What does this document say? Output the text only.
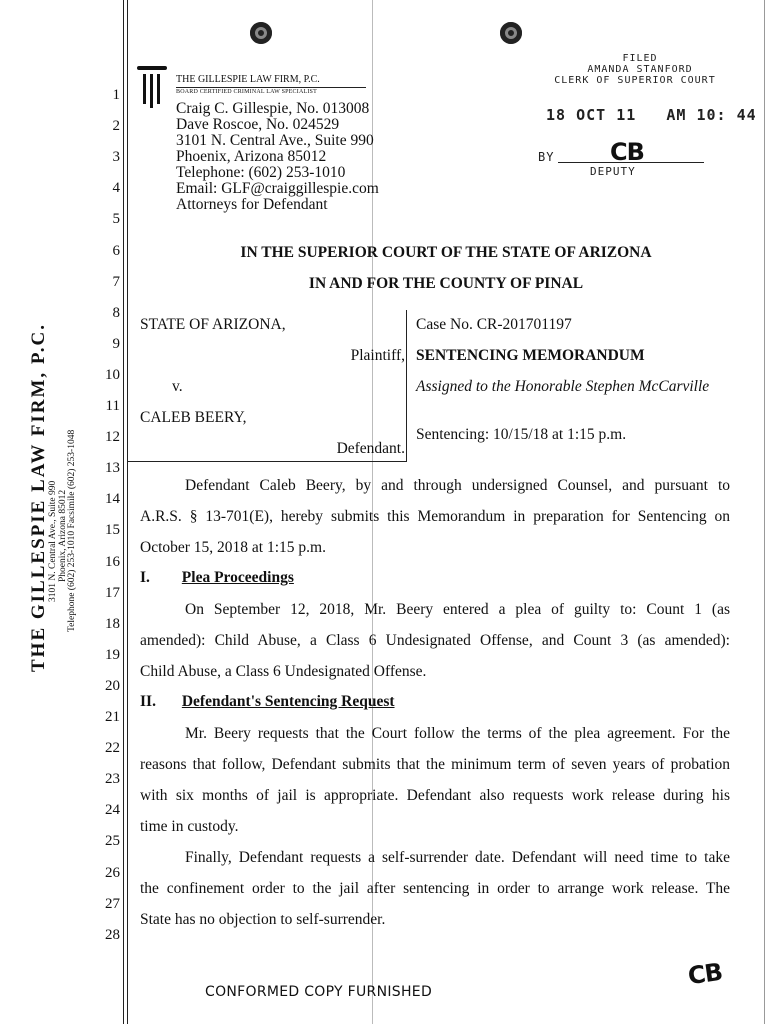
THE GILLESPIE LAW FIRM, P.C. 3101 N. Central Ave., Suite 990 Phoenix, Arizona 85012 Telephone (602) 253-1010 Facsimile (602) 253-1048
1
2
3
4
5
6
7
8
9
10
11
12
13
14
15
16
17
18
19
20
21
22
23
24
25
26
27
28
THE GILLESPIE LAW FIRM, P.C.
BOARD CERTIFIED CRIMINAL LAW SPECIALIST
Craig C. Gillespie, No. 013008
Dave Roscoe, No. 024529
3101 N. Central Ave., Suite 990
Phoenix, Arizona 85012
Telephone: (602) 253-1010
Email: GLF@craiggillespie.com
Attorneys for Defendant
FILED
AMANDA STANFORD
CLERK OF SUPERIOR COURT
18 OCT 11   AM 10: 44
BY CB
DEPUTY
IN THE SUPERIOR COURT OF THE STATE OF ARIZONA
IN AND FOR THE COUNTY OF PINAL
STATE OF ARIZONA,
Plaintiff,
v.
CALEB BEERY,
Defendant.
Case No. CR-201701197
SENTENCING MEMORANDUM
Assigned to the Honorable Stephen McCarville
Sentencing: 10/15/18 at 1:15 p.m.
Defendant Caleb Beery, by and through undersigned Counsel, and pursuant to
A.R.S. § 13-701(E), hereby submits this Memorandum in preparation for Sentencing on
October 15, 2018 at 1:15 p.m.
I. Plea Proceedings
On September 12, 2018, Mr. Beery entered a plea of guilty to: Count 1 (as
amended): Child Abuse, a Class 6 Undesignated Offense, and Count 3 (as amended):
Child Abuse, a Class 6 Undesignated Offense.
II. Defendant's Sentencing Request
Mr. Beery requests that the Court follow the terms of the plea agreement. For the
reasons that follow, Defendant submits that the minimum term of seven years of probation
with six months of jail is appropriate. Defendant also requests work release during his
time in custody.
Finally, Defendant requests a self-surrender date. Defendant will need time to take
the confinement order to the jail after sentencing in order to arrange work release. The
State has no objection to self-surrender.
CONFORMED COPY FURNISHED
CB
